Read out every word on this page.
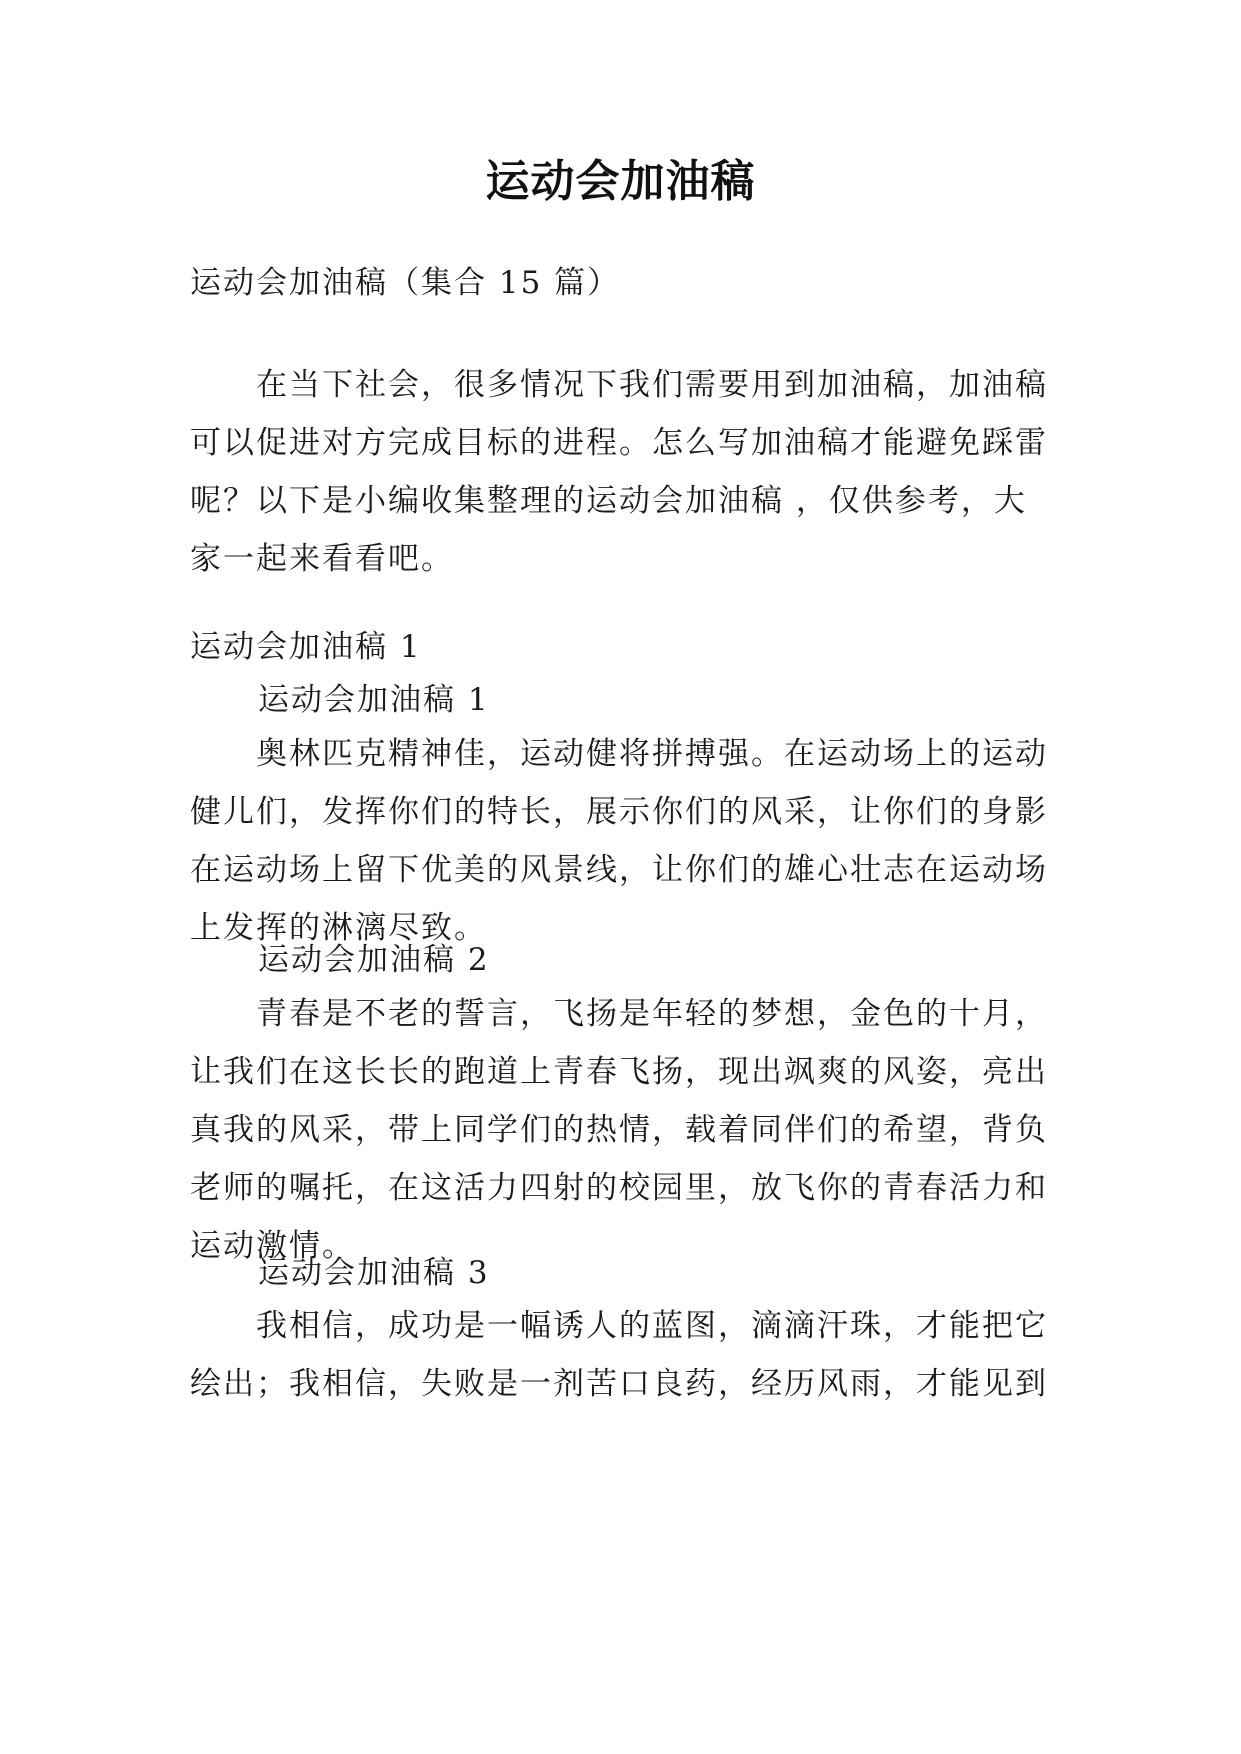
运动会加油稿
运动会加油稿（集合 15 篇）
　　在当下社会，很多情况下我们需要用到加油稿，加油稿
可以促进对方完成目标的进程。怎么写加油稿才能避免踩雷
呢？以下是小编收集整理的运动会加油稿 ，仅供参考，大
家一起来看看吧。
运动会加油稿 1
运动会加油稿 1
　　奥林匹克精神佳，运动健将拼搏强。在运动场上的运动
健儿们，发挥你们的特长，展示你们的风采，让你们的身影
在运动场上留下优美的风景线，让你们的雄心壮志在运动场
上发挥的淋漓尽致。
运动会加油稿 2
　　青春是不老的誓言，飞扬是年轻的梦想，金色的十月，
让我们在这长长的跑道上青春飞扬，现出飒爽的风姿，亮出
真我的风采，带上同学们的热情，载着同伴们的希望，背负
老师的嘱托，在这活力四射的校园里，放飞你的青春活力和
运动激情。
运动会加油稿 3
　　我相信，成功是一幅诱人的蓝图，滴滴汗珠，才能把它
绘出；我相信，失败是一剂苦口良药，经历风雨，才能见到
